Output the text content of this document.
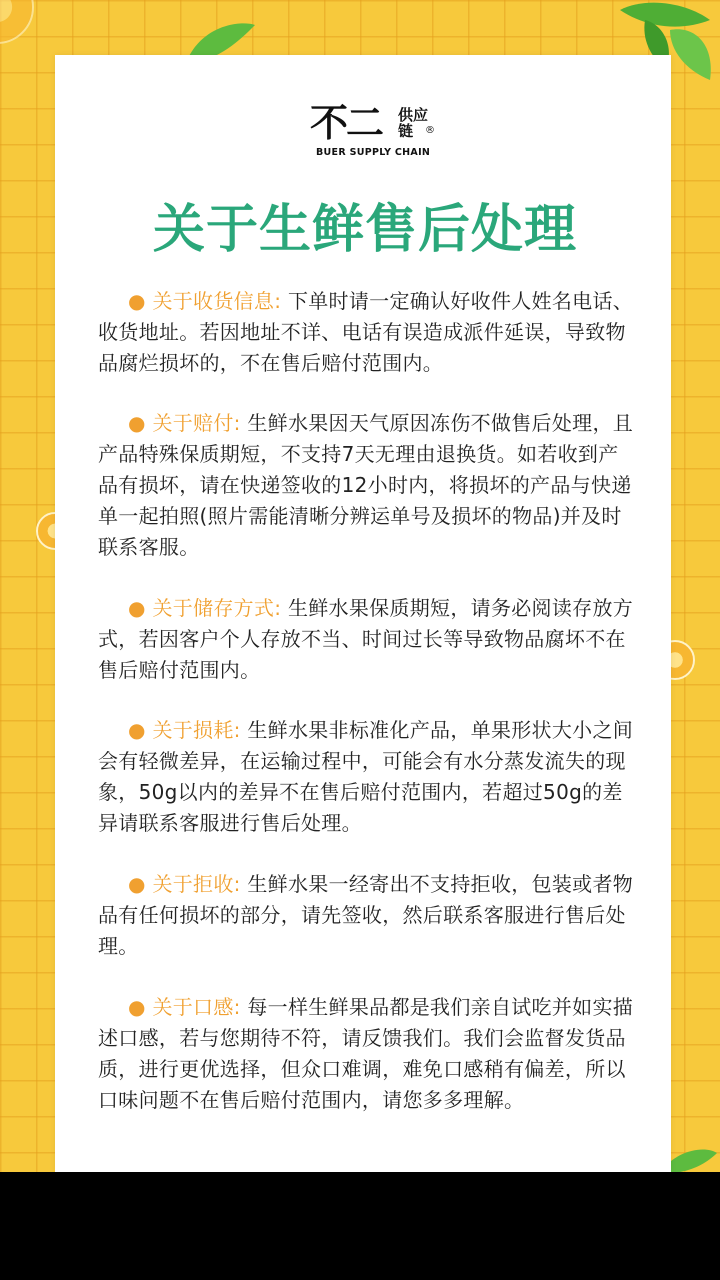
不二 供应链	®
BUER SUPPLY CHAIN
关于生鲜售后处理
● 关于收货信息: 下单时请一定确认好收件人姓名电话、收货地址。若因地址不详、电话有误造成派件延误，导致物品腐烂损坏的，不在售后赔付范围内。
● 关于赔付: 生鲜水果因天气原因冻伤不做售后处理，且产品特殊保质期短，不支持7天无理由退换货。如若收到产品有损坏，请在快递签收的12小时内，将损坏的产品与快递单一起拍照(照片需能清晰分辨运单号及损坏的物品)并及时联系客服。
● 关于储存方式: 生鲜水果保质期短，请务必阅读存放方式，若因客户个人存放不当、时间过长等导致物品腐坏不在售后赔付范围内。
● 关于损耗: 生鲜水果非标准化产品，单果形状大小之间会有轻微差异，在运输过程中，可能会有水分蒸发流失的现象，50g以内的差异不在售后赔付范围内，若超过50g的差异请联系客服进行售后处理。
● 关于拒收: 生鲜水果一经寄出不支持拒收，包装或者物品有任何损坏的部分，请先签收，然后联系客服进行售后处理。
● 关于口感: 每一样生鲜果品都是我们亲自试吃并如实描述口感，若与您期待不符，请反馈我们。我们会监督发货品质，进行更优选择，但众口难调，难免口感稍有偏差，所以口味问题不在售后赔付范围内，请您多多理解。
